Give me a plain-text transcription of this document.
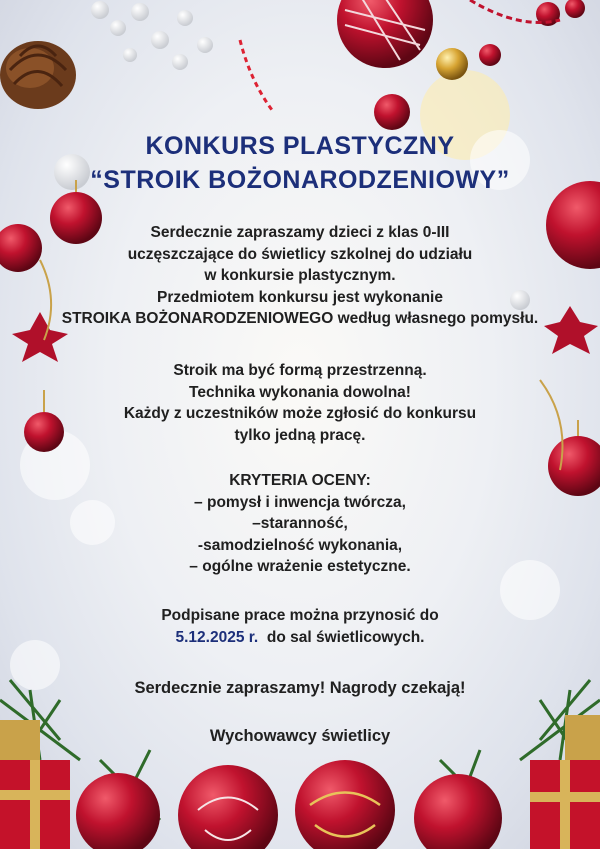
KONKURS PLASTYCZNY
“STROIK BOŻONARODZENIOWY”
Serdecznie zapraszamy dzieci z klas 0-III
uczęszczające do świetlicy szkolnej do udziału
w konkursie plastycznym.
Przedmiotem konkursu jest wykonanie
STROIKA BOŻONARODZENIOWEGO według własnego pomysłu.
Stroik ma być formą przestrzenną.
Technika wykonania dowolna!
Każdy z uczestników może zgłosić do konkursu
tylko jedną pracę.
KRYTERIA OCENY:
– pomysł i inwencja twórcza,
–staranność,
-samodzielność wykonania,
– ogólne wrażenie estetyczne.
Podpisane prace można przynosić do
5.12.2025 r. do sal świetlicowych.
Serdecznie zapraszamy! Nagrody czekają!
Wychowawcy świetlicy
